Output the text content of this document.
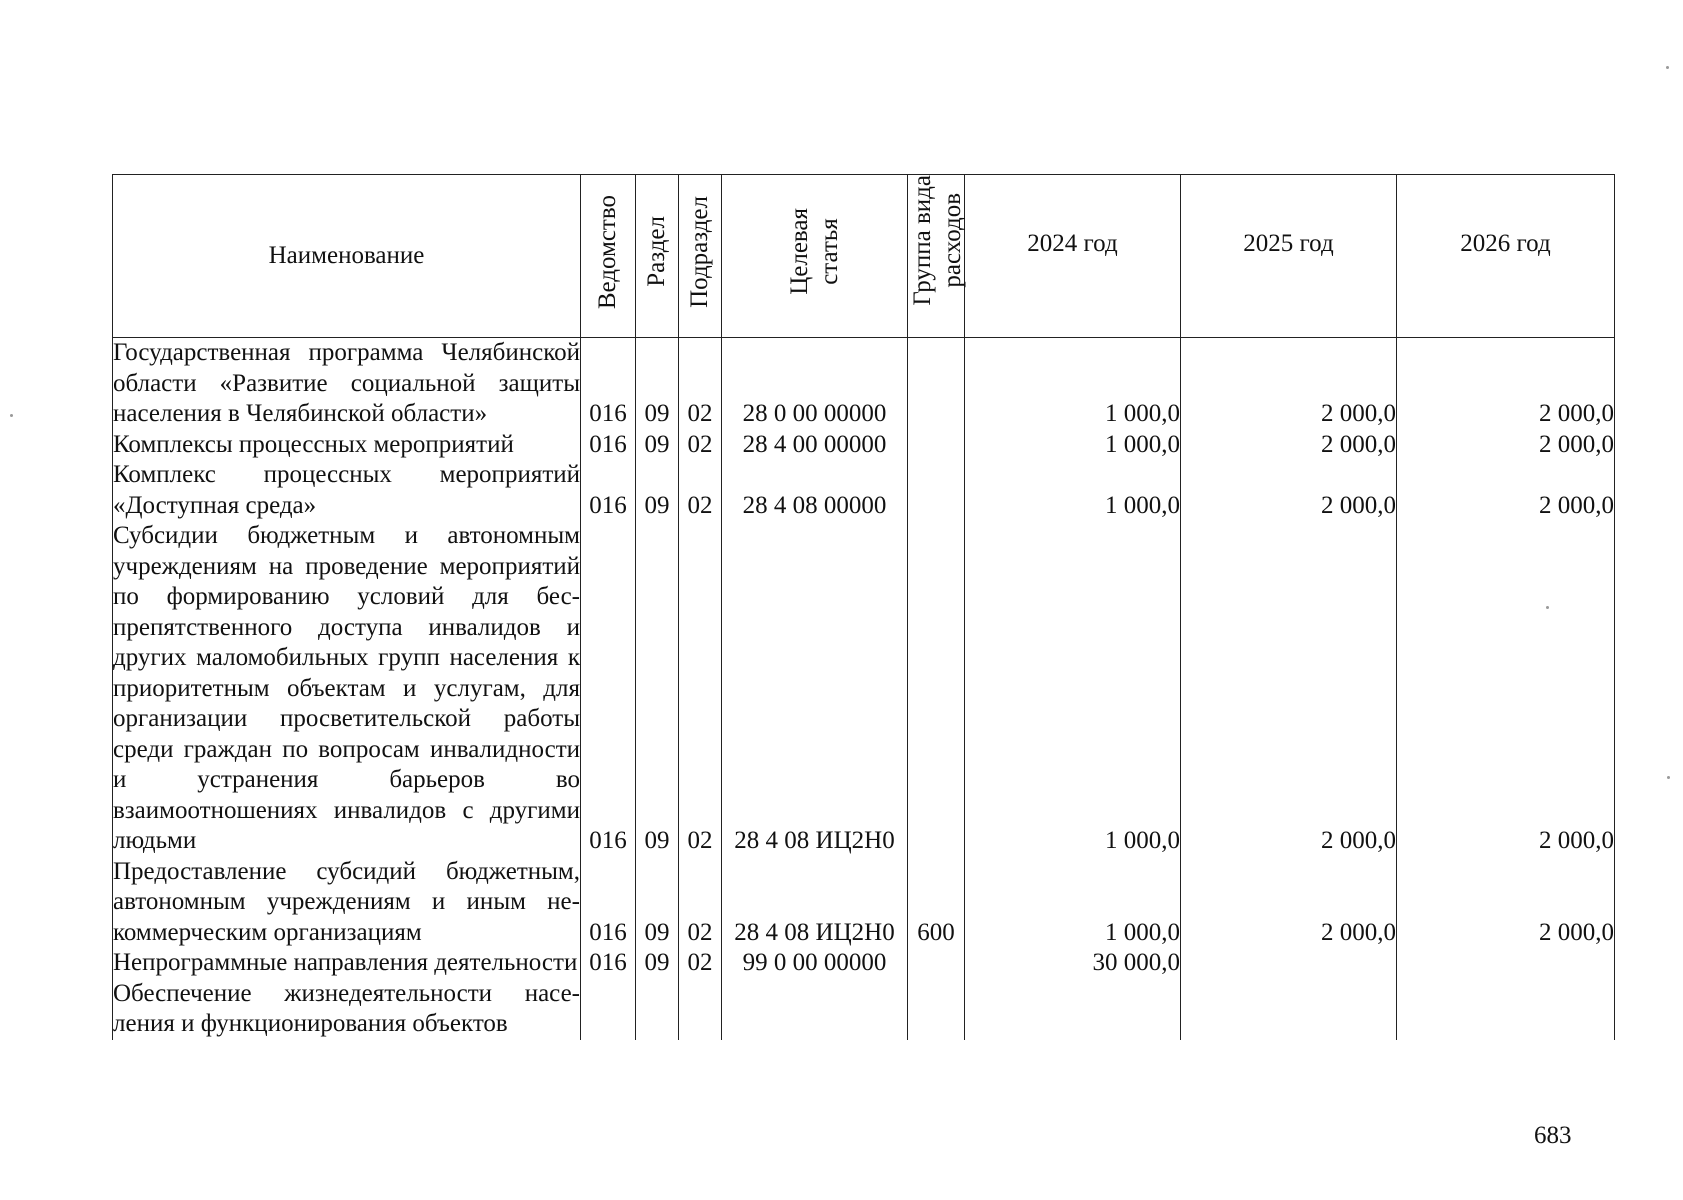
Наименование	Ведомство	Раздел	Подраздел	Целевая статья	Группа вида расходов	2024 год	2025 год	2026 год
Государственная программа Челябинской области «Развитие социальной защиты населения в Челябинской области»	016	09	02	28 0 00 00000		1 000,0	2 000,0	2 000,0
Комплексы процессных мероприятий	016	09	02	28 4 00 00000		1 000,0	2 000,0	2 000,0
Комплекс процессных мероприятий «Доступная среда»	016	09	02	28 4 08 00000		1 000,0	2 000,0	2 000,0
Субсидии бюджетным и автономным учреждениям на проведение мероприятий по формированию условий для беспрепятственного доступа инвалидов и других маломобильных групп населения к приоритетным объектам и услугам, для организации просветительской работы среди граждан по вопросам инвалидности и устранения барьеров во взаимоотношениях инвалидов с другими людьми	016	09	02	28 4 08 ИЦ2Н0		1 000,0	2 000,0	2 000,0
Предоставление субсидий бюджетным, автономным учреждениям и иным некоммерческим организациям	016	09	02	28 4 08 ИЦ2Н0	600	1 000,0	2 000,0	2 000,0
Непрограммные направления деятельности	016	09	02	99 0 00 00000		30 000,0		
Обеспечение жизнедеятельности населения и функционирования объектов								
683
